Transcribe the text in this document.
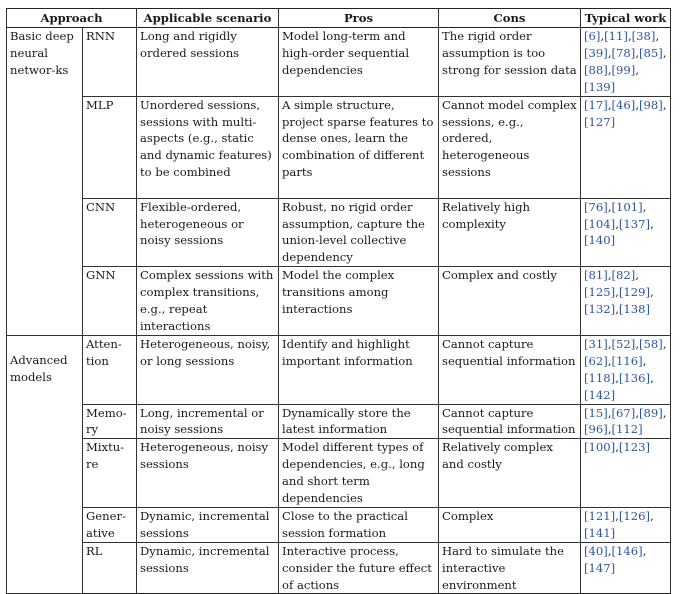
Approach		Applicable scenario	Pros	Cons	Typical work

Basic deep neural networ-ks	RNN	Long and rigidly ordered sessions	Model long-term and high-order sequential dependencies	The rigid order assumption is too strong for session data	[6],[11],[38],[39],[78],[85],[88],[99],[139]
	MLP	Unordered sessions, sessions with multi-aspects (e.g., static and dynamic features) to be combined	A simple structure, project sparse features to dense ones, learn the combination of different parts	Cannot model complex sessions, e.g., ordered, heterogeneous sessions	[17],[46],[98],[127]
	CNN	Flexible-ordered, heterogeneous or noisy sessions	Robust, no rigid order assumption, capture the union-level collective dependency	Relatively high complexity	[76],[101],[104],[137],[140]
	GNN	Complex sessions with complex transitions, e.g., repeat interactions	Model the complex transitions among interactions	Complex and costly	[81],[82],[125],[129],[132],[138]

Advanced models	Atten-tion	Heterogeneous, noisy, or long sessions	Identify and highlight important information	Cannot capture sequential information	[31],[52],[58],[62],[116],[118],[136],[142]
	Memo-ry	Long, incremental or noisy sessions	Dynamically store the latest information	Cannot capture sequential information	[15],[67],[89],[96],[112]
	Mixtu-re	Heterogeneous, noisy sessions	Model different types of dependencies, e.g., long and short term dependencies	Relatively complex and costly	[100],[123]
	Gener-ative	Dynamic, incremental sessions	Close to the practical session formation	Complex	[121],[126],[141]
	RL	Dynamic, incremental sessions	Interactive process, consider the future effect of actions	Hard to simulate the interactive environment	[40],[146],[147]
